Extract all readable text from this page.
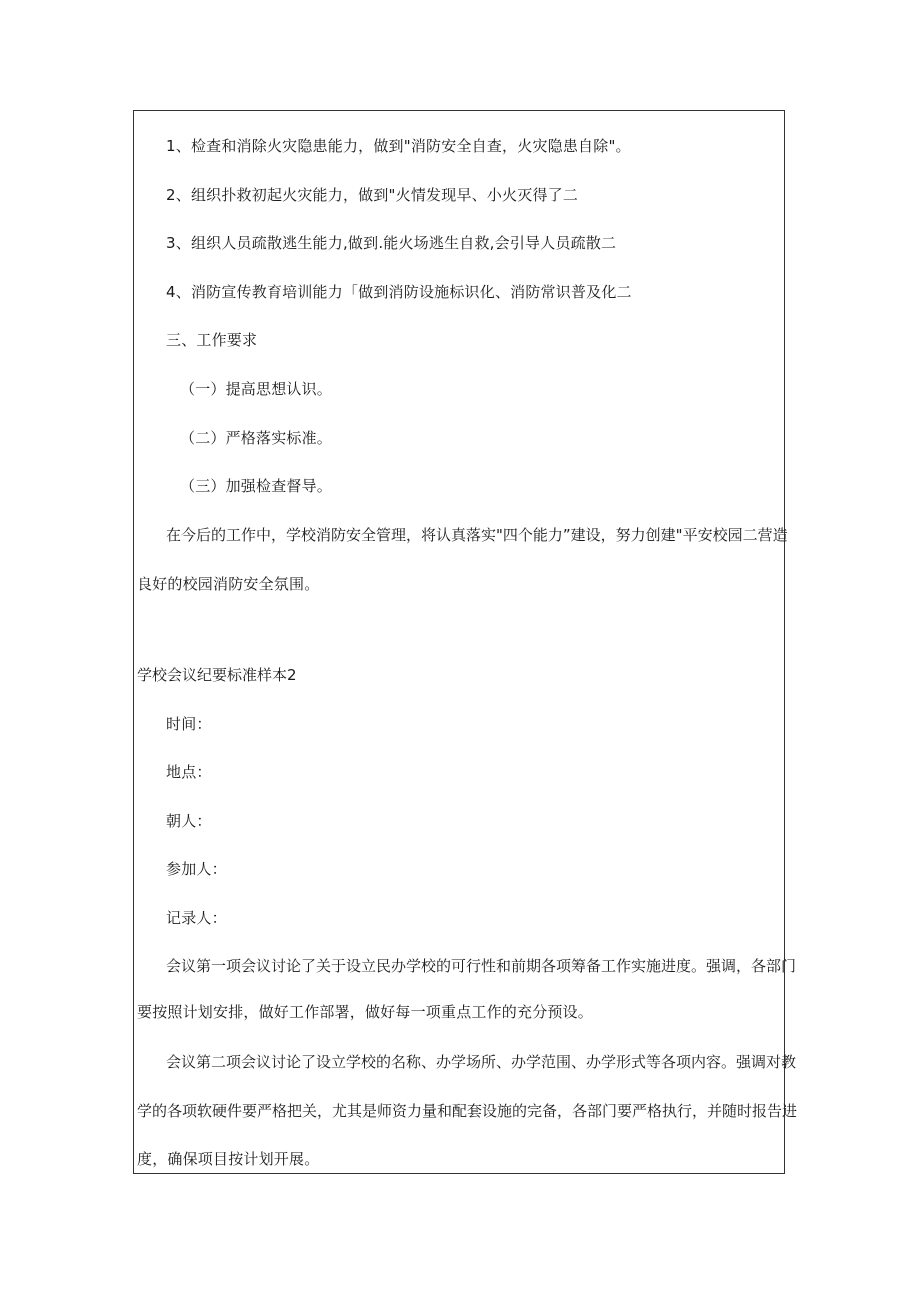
1、检查和消除火灾隐患能力，做到"消防安全自查，火灾隐患自除"。
2、组织扑救初起火灾能力，做到"火情发现早、小火灭得了二
3、组织人员疏散逃生能力,做到.能火场逃生自救,会引导人员疏散二
4、消防宣传教育培训能力「做到消防设施标识化、消防常识普及化二
三、工作要求
（一）提高思想认识。
（二）严格落实标准。
（三）加强检查督导。
在今后的工作中，学校消防安全管理，将认真落实"四个能力”建设，努力创建"平安校园二营造
良好的校园消防安全氛围。
学校会议纪要标准样本2
时间：
地点：
朝人：
参加人：
记录人：
会议第一项会议讨论了关于设立民办学校的可行性和前期各项筹备工作实施进度。强调，各部门
要按照计划安排，做好工作部署，做好每一项重点工作的充分预设。
会议第二项会议讨论了设立学校的名称、办学场所、办学范围、办学形式等各项内容。强调对教
学的各项软硬件要严格把关，尤其是师资力量和配套设施的完备，各部门要严格执行，并随时报告进
度，确保项目按计划开展。
